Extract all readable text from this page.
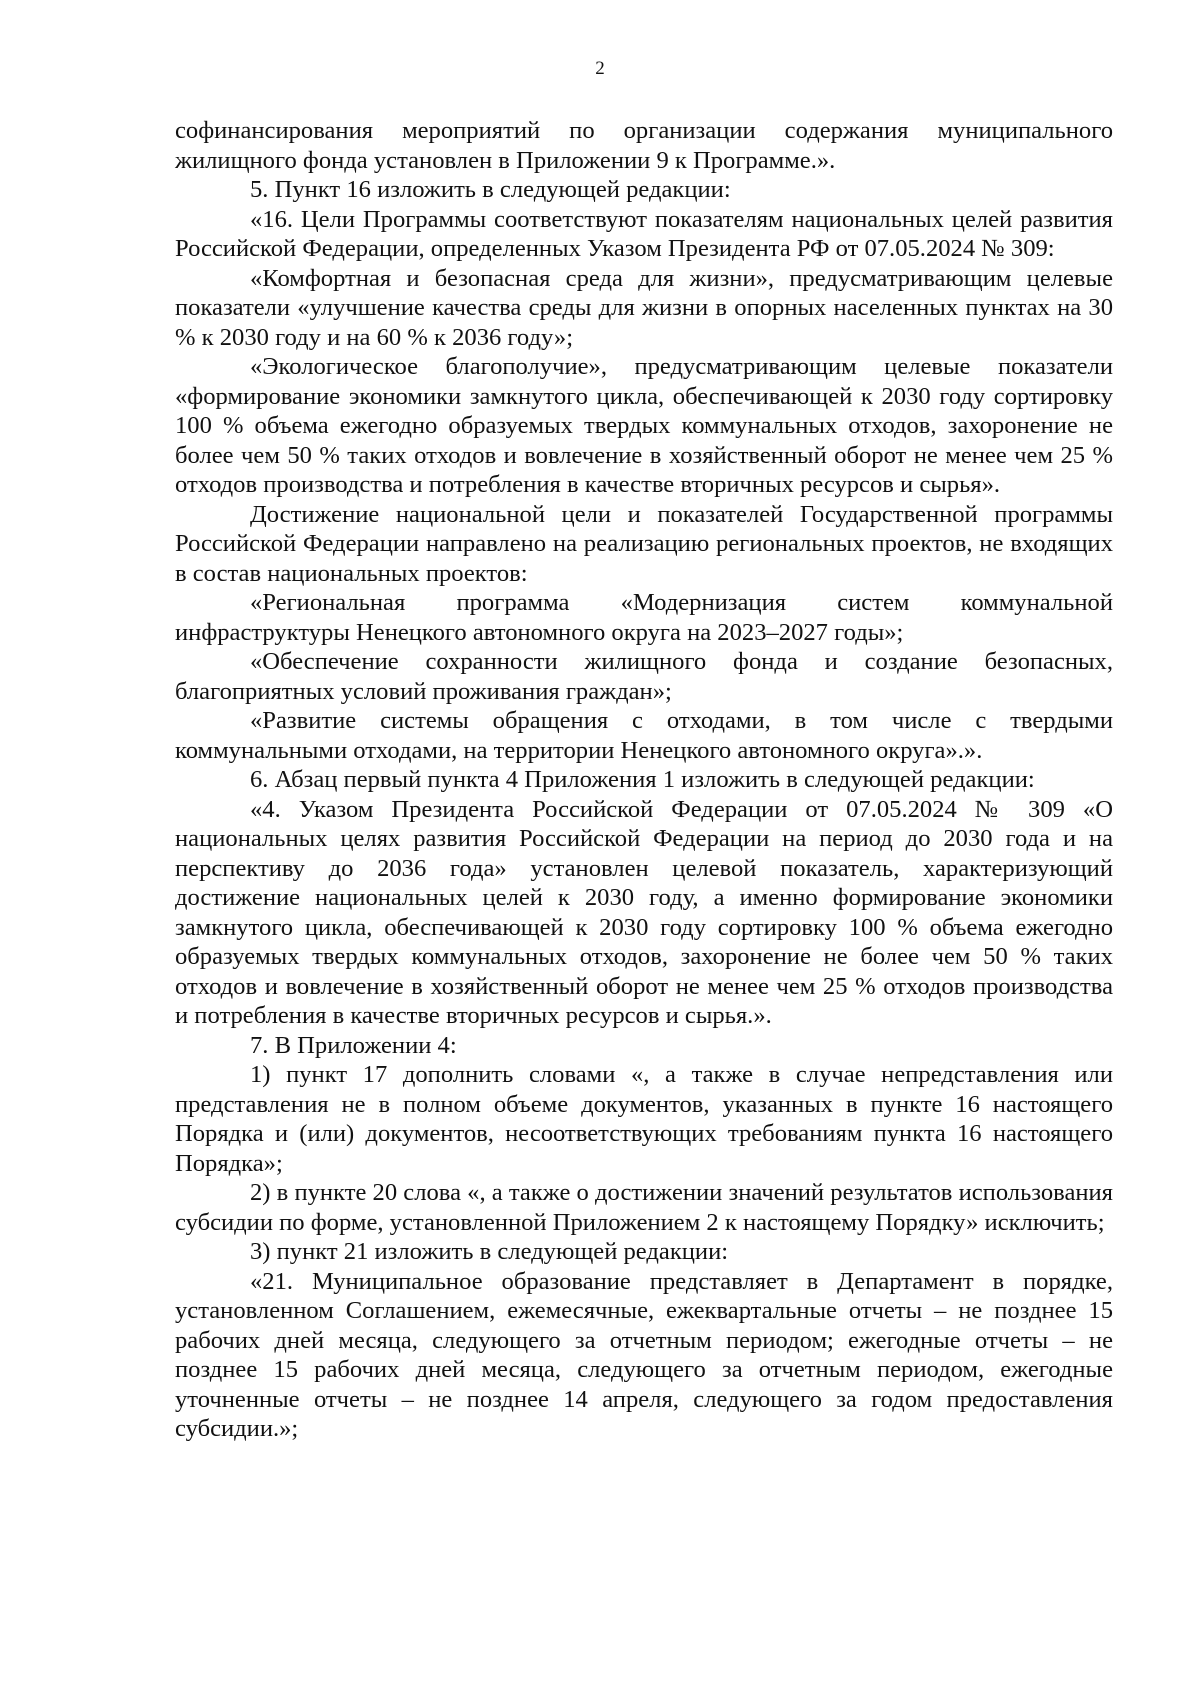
2

софинансирования мероприятий по организации содержания муниципального жилищного фонда установлен в Приложении 9 к Программе.».

5. Пункт 16 изложить в следующей редакции:

«16. Цели Программы соответствуют показателям национальных целей развития Российской Федерации, определенных Указом Президента РФ от 07.05.2024 № 309:

«Комфортная и безопасная среда для жизни», предусматривающим целевые показатели «улучшение качества среды для жизни в опорных населенных пунктах на 30 % к 2030 году и на 60 % к 2036 году»;

«Экологическое благополучие», предусматривающим целевые показатели «формирование экономики замкнутого цикла, обеспечивающей к 2030 году сортировку 100 % объема ежегодно образуемых твердых коммунальных отходов, захоронение не более чем 50 % таких отходов и вовлечение в хозяйственный оборот не менее чем 25 % отходов производства и потребления в качестве вторичных ресурсов и сырья».

Достижение национальной цели и показателей Государственной программы Российской Федерации направлено на реализацию региональных проектов, не входящих в состав национальных проектов:

«Региональная программа «Модернизация систем коммунальной инфраструктуры Ненецкого автономного округа на 2023–2027 годы»;

«Обеспечение сохранности жилищного фонда и создание безопасных, благоприятных условий проживания граждан»;

«Развитие системы обращения с отходами, в том числе с твердыми коммунальными отходами, на территории Ненецкого автономного округа».».

6. Абзац первый пункта 4 Приложения 1 изложить в следующей редакции:

«4. Указом Президента Российской Федерации от 07.05.2024 № 309 «О национальных целях развития Российской Федерации на период до 2030 года и на перспективу до 2036 года» установлен целевой показатель, характеризующий достижение национальных целей к 2030 году, а именно формирование экономики замкнутого цикла, обеспечивающей к 2030 году сортировку 100 % объема ежегодно образуемых твердых коммунальных отходов, захоронение не более чем 50 % таких отходов и вовлечение в хозяйственный оборот не менее чем 25 % отходов производства и потребления в качестве вторичных ресурсов и сырья.».

7. В Приложении 4:

1) пункт 17 дополнить словами «, а также в случае непредставления или представления не в полном объеме документов, указанных в пункте 16 настоящего Порядка и (или) документов, несоответствующих требованиям пункта 16 настоящего Порядка»;

2) в пункте 20 слова «, а также о достижении значений результатов использования субсидии по форме, установленной Приложением 2 к настоящему Порядку» исключить;

3) пункт 21 изложить в следующей редакции:

«21. Муниципальное образование представляет в Департамент в порядке, установленном Соглашением, ежемесячные, ежеквартальные отчеты – не позднее 15 рабочих дней месяца, следующего за отчетным периодом; ежегодные отчеты – не позднее 15 рабочих дней месяца, следующего за отчетным периодом, ежегодные уточненные отчеты – не позднее 14 апреля, следующего за годом предоставления субсидии.»;
